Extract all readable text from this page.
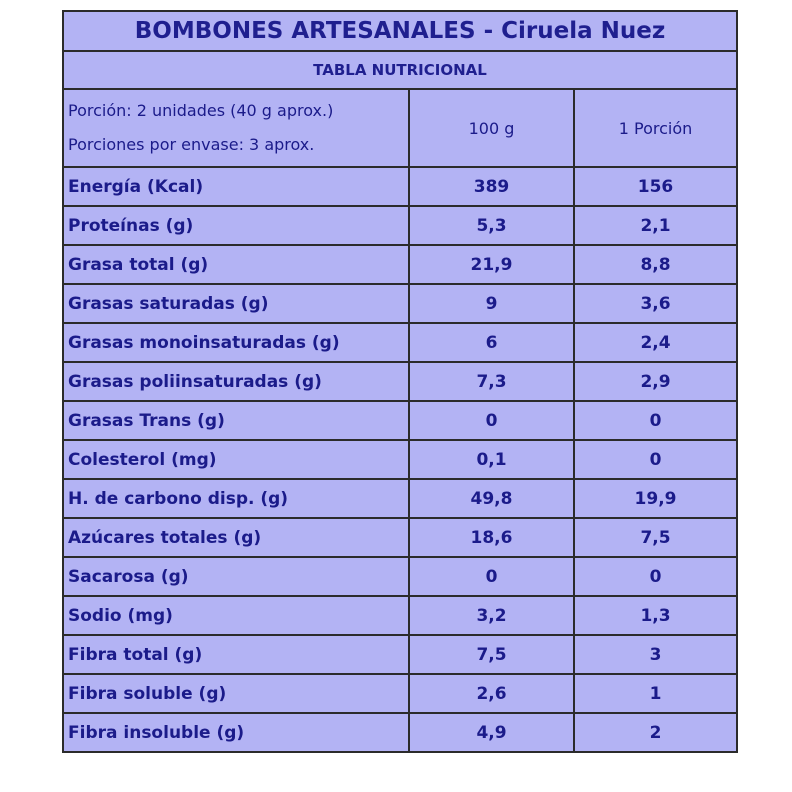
BOMBONES ARTESANALES - Ciruela Nuez		
TABLA NUTRICIONAL		

Porción: 2 unidades (40 g aprox.)
Porciones por envase: 3 aprox.	100 g	1 Porción
Energía (Kcal)	389	156
Proteínas (g)	5,3	2,1
Grasa total (g)	21,9	8,8
Grasas saturadas (g)	9	3,6
Grasas monoinsaturadas (g)	6	2,4
Grasas poliinsaturadas (g)	7,3	2,9
Grasas Trans (g)	0	0
Colesterol (mg)	0,1	0
H. de carbono disp. (g)	49,8	19,9
Azúcares totales (g)	18,6	7,5
Sacarosa (g)	0	0
Sodio (mg)	3,2	1,3
Fibra total (g)	7,5	3
Fibra soluble (g)	2,6	1
Fibra insoluble (g)	4,9	2
